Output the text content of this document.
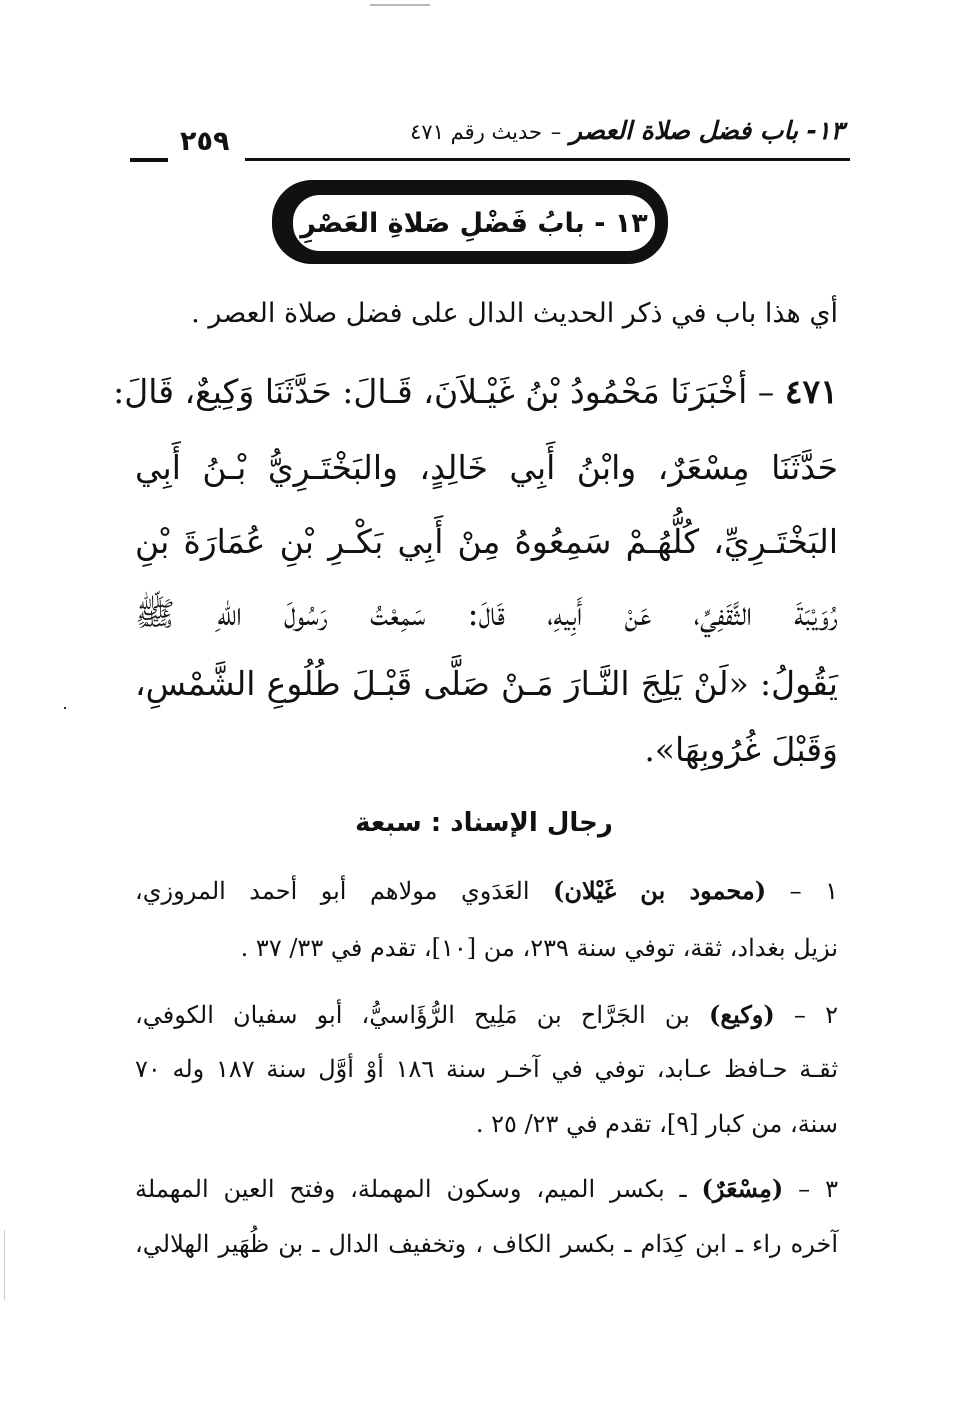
١٣- باب فضل صلاة العصر – حديث رقم ٤٧١
٢٥٩
١٣ - بابُ فَضْلِ صَلاةِ العَصْرِ
أي هذا باب في ذكر الحديث الدال على فضل صلاة العصر .
٤٧١ – أخْبَرَنَا مَحْمُودُ بْنُ غَيْـلاَنَ، قَـالَ: حَدَّثَنَا وَكِيعٌ، قَالَ:
حَدَّثَنَا مِسْعَرٌ، وابْنُ أَبِي خَالِدٍ، والبَخْتَـرِيُّ بْـنُ أَبِي
البَخْتَـرِيِّ، كُلُّهُـمْ سَمِعُوهُ مِنْ أَبِي بَكْـرِ بْنِ عُمَارَةَ بْنِ
رُوَيْبَةَ الثَّقَفِيِّ، عَنْ أَبِيهِ، قَالَ: سَمِعْتُ رَسُولَ اللهِ ﷺ
يَقُولُ: «لَنْ يَلِجَ النَّـارَ مَـنْ صَلَّى قَبْـلَ طُلُوعِ الشَّمْسِ،
وَقَبْلَ غُرُوبِهَا».
رجال الإسناد : سبعة
١ – (محمود بن غَيْلان) العَدَوي مولاهم أبو أحمد المروزي،
نزيل بغداد، ثقة، توفي سنة ٢٣٩، من [١٠]، تقدم في ٣٣/ ٣٧ .
٢ – (وكيع) بن الجَرَّاح بن مَلِيح الرُّؤَاسيُّ، أبو سفيان الكوفي،
ثقـة حـافظ عـابد، توفي في آخـر سنة ١٨٦ أوْ أوَّل سنة ١٨٧ وله ٧٠
سنة، من كبار [٩]، تقدم في ٢٣/ ٢٥ .
٣ – (مِسْعَرٌ) ـ بكسر الميم، وسكون المهملة، وفتح العين المهملة
آخره راء ـ ابن كِدَام ـ بكسر الكاف ، وتخفيف الدال ـ بن ظُهَير الهلالي،
